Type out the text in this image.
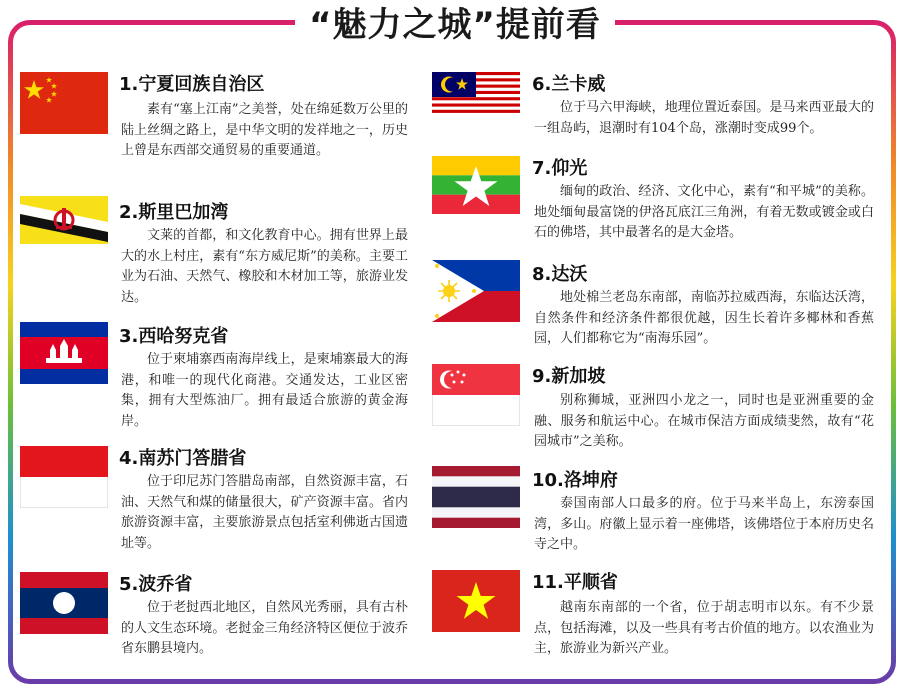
“魅力之城”提前看
1.宁夏回族自治区
素有“塞上江南”之美誉，处在绵延数万公里的陆上丝绸之路上，是中华文明的发祥地之一，历史上曾是东西部交通贸易的重要通道。
2.斯里巴加湾
文莱的首都，和文化教育中心。拥有世界上最大的水上村庄，素有“东方威尼斯”的美称。主要工业为石油、天然气、橡胶和木材加工等，旅游业发达。
3.西哈努克省
位于柬埔寨西南海岸线上，是柬埔寨最大的海港，和唯一的现代化商港。交通发达，工业区密集，拥有大型炼油厂。拥有最适合旅游的黄金海岸。
4.南苏门答腊省
位于印尼苏门答腊岛南部，自然资源丰富，石油、天然气和煤的储量很大，矿产资源丰富。省内旅游资源丰富，主要旅游景点包括室利佛逝古国遗址等。
5.波乔省
位于老挝西北地区，自然风光秀丽，具有古朴的人文生态环境。老挝金三角经济特区便位于波乔省东鹏县境内。
6.兰卡威
位于马六甲海峡，地理位置近泰国。是马来西亚最大的一组岛屿，退潮时有104个岛，涨潮时变成99个。
7.仰光
缅甸的政治、经济、文化中心，素有“和平城”的美称。地处缅甸最富饶的伊洛瓦底江三角洲，有着无数或镀金或白石的佛塔，其中最著名的是大金塔。
8.达沃
地处棉兰老岛东南部，南临苏拉威西海，东临达沃湾，自然条件和经济条件都很优越，因生长着许多椰林和香蕉园，人们都称它为“南海乐园”。
9.新加坡
别称狮城，亚洲四小龙之一，同时也是亚洲重要的金融、服务和航运中心。在城市保洁方面成绩斐然，故有“花园城市”之美称。
10.洛坤府
泰国南部人口最多的府。位于马来半岛上，东滂泰国湾，多山。府徽上显示着一座佛塔，该佛塔位于本府历史名寺之中。
11.平顺省
越南东南部的一个省，位于胡志明市以东。有不少景点，包括海滩，以及一些具有考古价值的地方。以农渔业为主，旅游业为新兴产业。
